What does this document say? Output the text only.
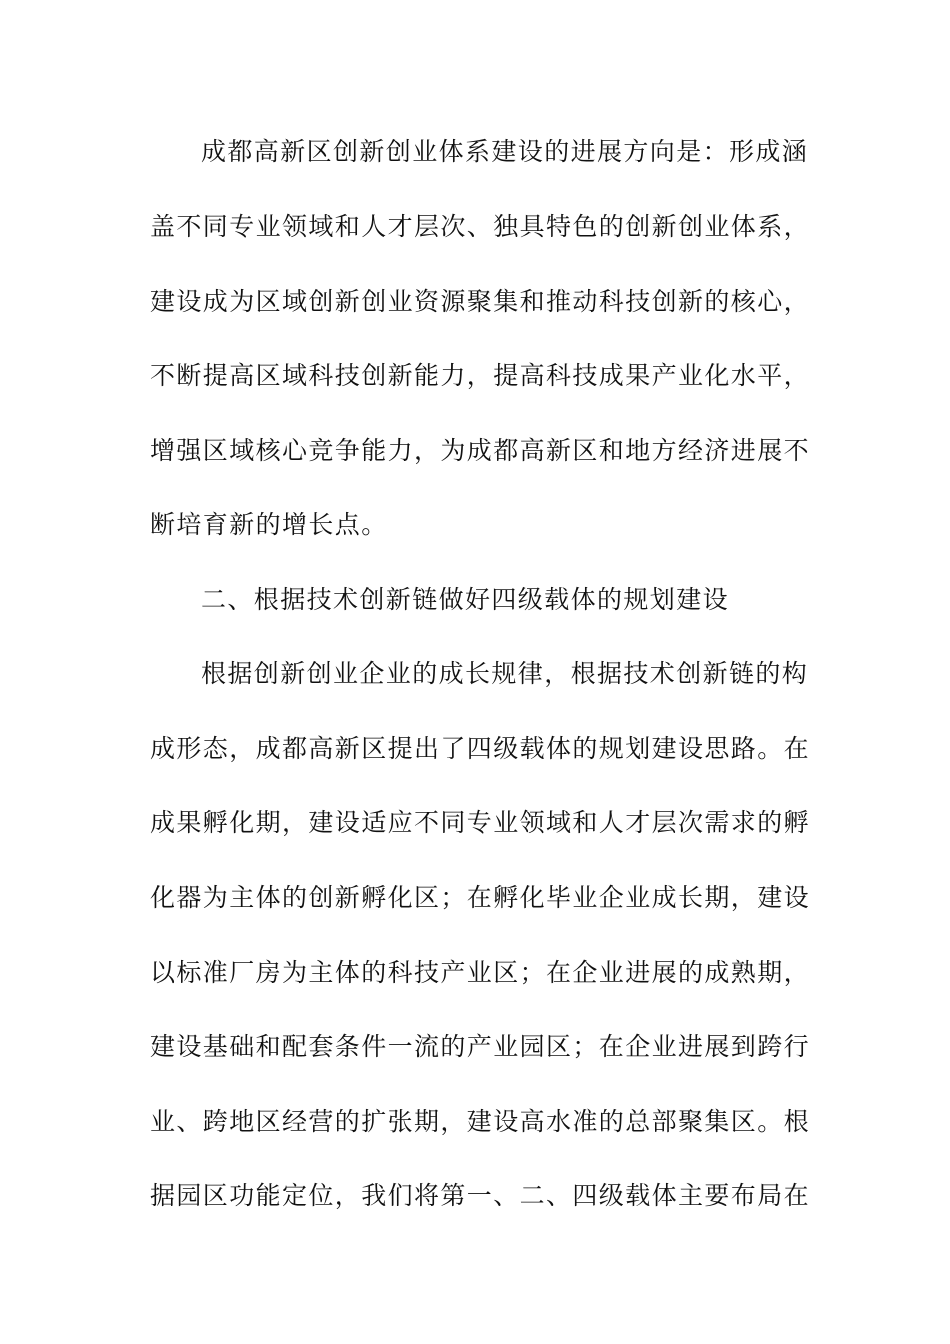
成都高新区创新创业体系建设的进展方向是：形成涵
盖不同专业领域和人才层次、独具特色的创新创业体系，
建设成为区域创新创业资源聚集和推动科技创新的核心，
不断提高区域科技创新能力，提高科技成果产业化水平，
增强区域核心竞争能力，为成都高新区和地方经济进展不
断培育新的增长点。
二、根据技术创新链做好四级载体的规划建设
根据创新创业企业的成长规律，根据技术创新链的构
成形态，成都高新区提出了四级载体的规划建设思路。在
成果孵化期，建设适应不同专业领域和人才层次需求的孵
化器为主体的创新孵化区；在孵化毕业企业成长期，建设
以标准厂房为主体的科技产业区；在企业进展的成熟期，
建设基础和配套条件一流的产业园区；在企业进展到跨行
业、跨地区经营的扩张期，建设高水准的总部聚集区。根
据园区功能定位，我们将第一、二、四级载体主要布局在
